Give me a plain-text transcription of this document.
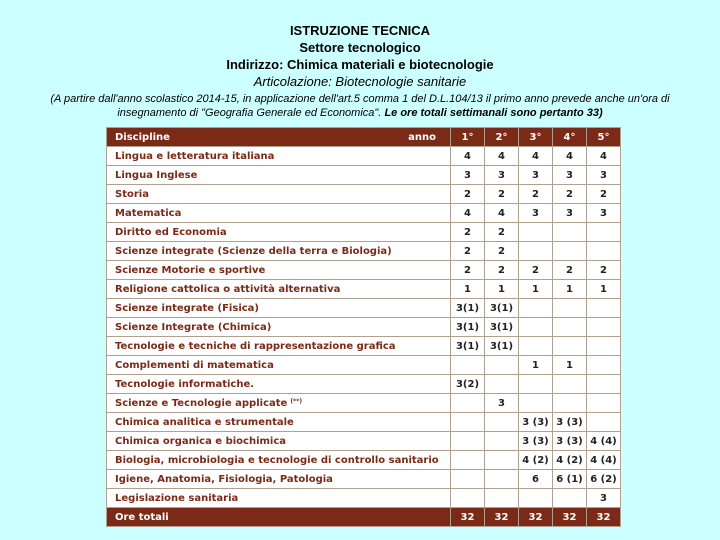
ISTRUZIONE TECNICA
Settore tecnologico
Indirizzo: Chimica materiali e biotecnologie
Articolazione: Biotecnologie sanitarie
(A partire dall'anno scolastico 2014-15, in applicazione dell'art.5 comma 1 del D.L.104/13 il primo anno prevede anche un'ora di insegnamento di "Geografia Generale ed Economica". Le ore totali settimanali sono pertanto 33)
Discipline anno	1°	2°	3°	4°	5°
Lingua e letteratura italiana	4	4	4	4	4
Lingua Inglese	3	3	3	3	3
Storia	2	2	2	2	2
Matematica	4	4	3	3	3
Diritto ed Economia	2	2			
Scienze integrate (Scienze della terra e Biologia)	2	2			
Scienze Motorie e sportive	2	2	2	2	2
Religione cattolica o attività alternativa	1	1	1	1	1
Scienze integrate (Fisica)	3(1)	3(1)			
Scienze Integrate (Chimica)	3(1)	3(1)			
Tecnologie e tecniche di rappresentazione grafica	3(1)	3(1)			
Complementi di matematica			1	1	
Tecnologie informatiche.	3(2)				
Scienze e Tecnologie applicate (**)		3			
Chimica analitica e strumentale			3 (3)	3 (3)	
Chimica organica e biochimica			3 (3)	3 (3)	4 (4)
Biologia, microbiologia e tecnologie di controllo sanitario			4 (2)	4 (2)	4 (4)
Igiene, Anatomia, Fisiologia, Patologia			6	6 (1)	6 (2)
Legislazione sanitaria					3
Ore totali	32	32	32	32	32
